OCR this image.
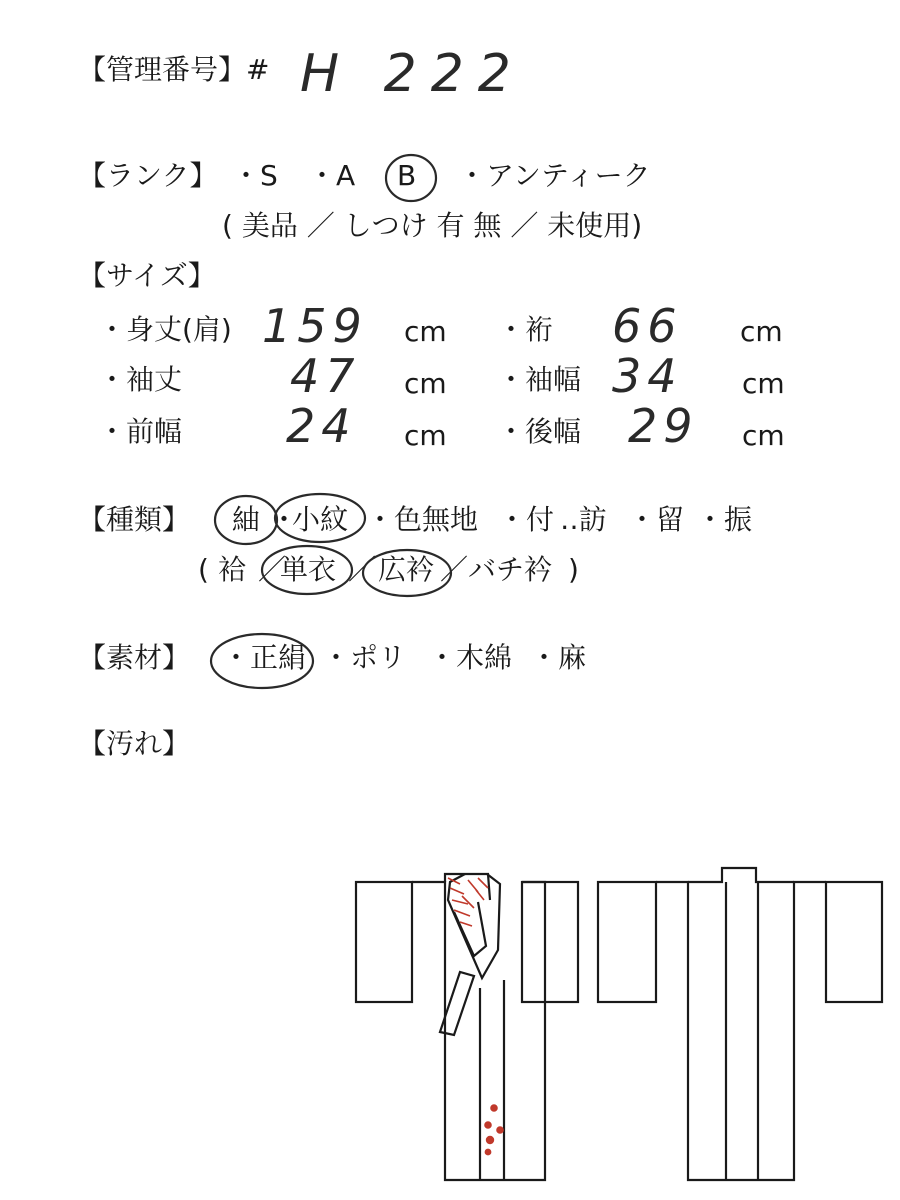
【管理番号】# H 222
【ランク】 ・S ・A B ・アンティーク
( 美品 ／ しつけ 有 無 ／ 未使用)
【サイズ】
・身丈(肩) 159 cm ・裄 66 cm
・袖丈 47 cm ・袖幅 34 cm
・前幅 24 cm ・後幅 29 cm
【種類】 紬 ・
小紋 ・色無地 ・付 ‥訪 ・留 ・振
( 袷 ／
単衣 ／ 広衿 ／バチ衿 )
【素材】 ・正絹 ・ポリ ・木綿 ・麻
【汚れ】
